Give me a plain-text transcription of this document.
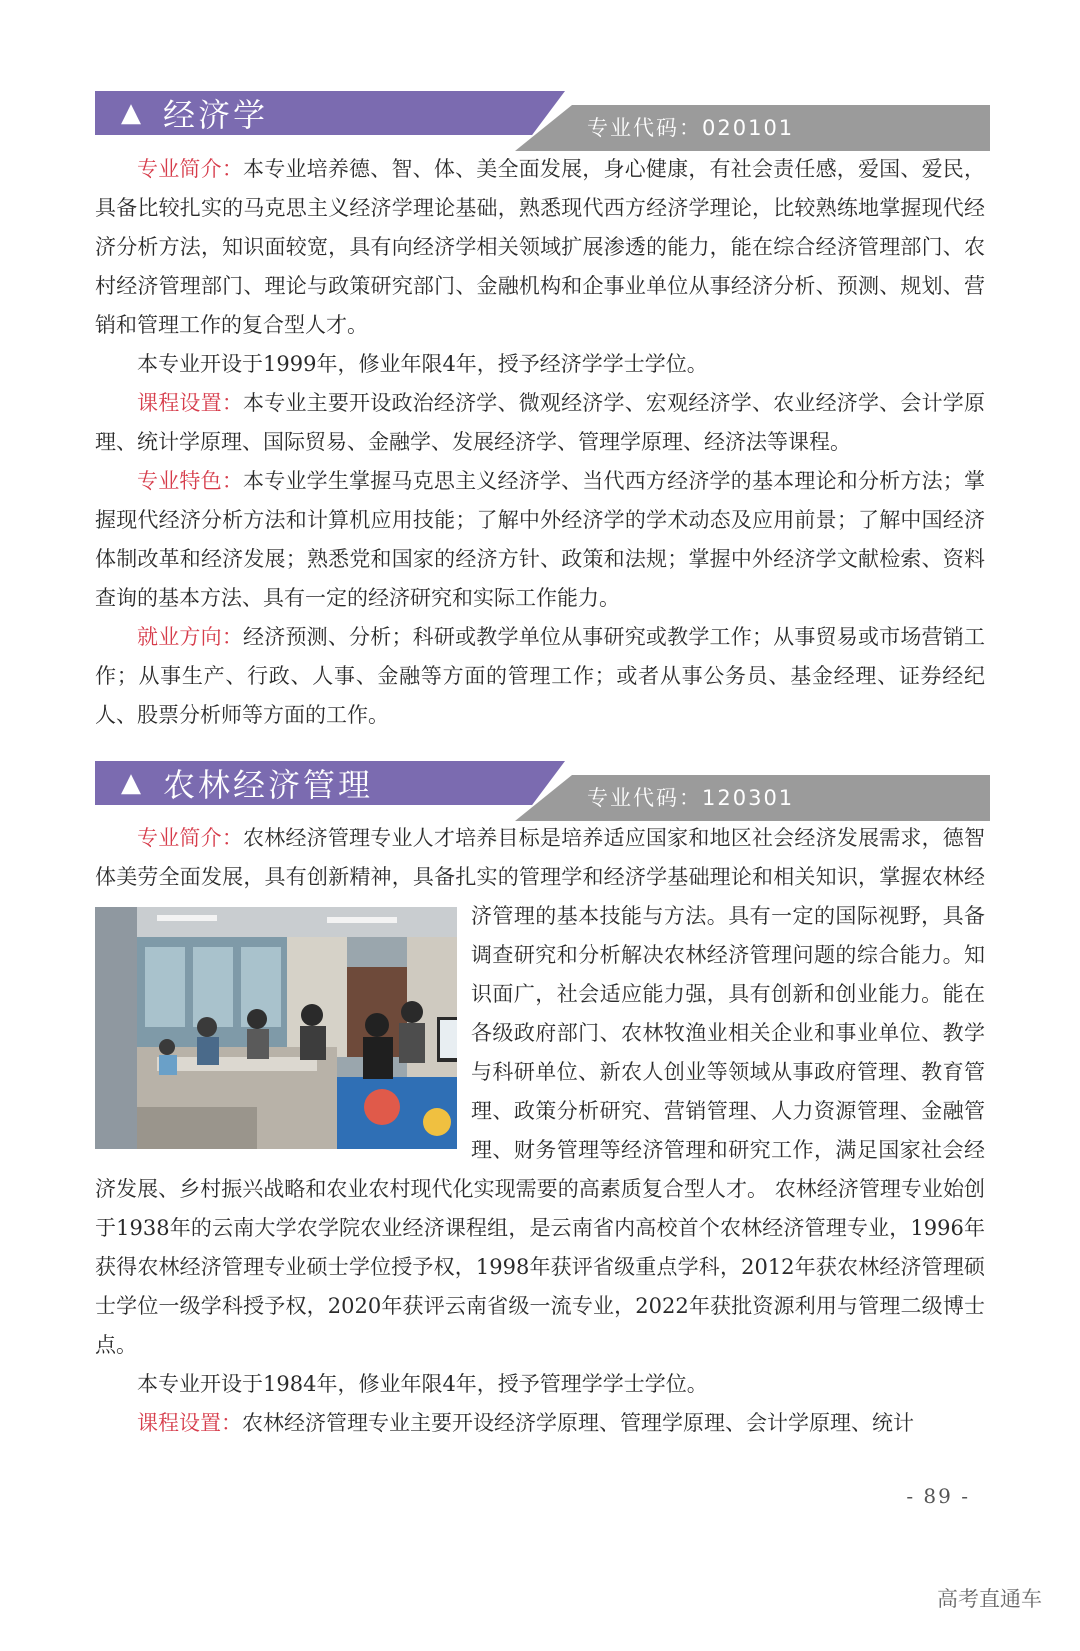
▲ 经济学	专业代码：020101

专业简介：本专业培养德、智、体、美全面发展，身心健康，有社会责任感，爱国、爱民，具备比较扎实的马克思主义经济学理论基础，熟悉现代西方经济学理论，比较熟练地掌握现代经济分析方法，知识面较宽，具有向经济学相关领域扩展渗透的能力，能在综合经济管理部门、农村经济管理部门、理论与政策研究部门、金融机构和企事业单位从事经济分析、预测、规划、营销和管理工作的复合型人才。

本专业开设于1999年，修业年限4年，授予经济学学士学位。

课程设置：本专业主要开设政治经济学、微观经济学、宏观经济学、农业经济学、会计学原理、统计学原理、国际贸易、金融学、发展经济学、管理学原理、经济法等课程。

专业特色：本专业学生掌握马克思主义经济学、当代西方经济学的基本理论和分析方法；掌握现代经济分析方法和计算机应用技能；了解中外经济学的学术动态及应用前景；了解中国经济体制改革和经济发展；熟悉党和国家的经济方针、政策和法规；掌握中外经济学文献检索、资料查询的基本方法、具有一定的经济研究和实际工作能力。

就业方向：经济预测、分析；科研或教学单位从事研究或教学工作；从事贸易或市场营销工作；从事生产、行政、人事、金融等方面的管理工作；或者从事公务员、基金经理、证券经纪人、股票分析师等方面的工作。

▲ 农林经济管理	专业代码：120301

专业简介：农林经济管理专业人才培养目标是培养适应国家和地区社会经济发展需求，德智体美劳全面发展，具有创新精神，具备扎实的管理学和经济学基础理论和相关知
识，掌握农林经济管理的基本技能与方法。具有一定的国际视野，具备调查研究和分析解决农林经济管理问题的综合能力。知识面广，社会适应能力强，具有创新和创业能力。能在各级政府部门、农林牧渔业相关企业和事业单位、教学与科研单位、新农人创业等领域从事政府管理、教育管理、政策分析研究、营销管理、人力资源管理、金融管理、财务管理等经济管理和研究工作，满足国家社会经济发展、乡村振兴战略和农业农村现代化实现需要的高素质复合型人才。 农林经济管理专业始创于1938年的云南大学农学院农业经济课程组，是云南省内高校首个农林经济管理专业，1996年获得农林经济管理专业硕士学位授予权，1998年获评省级重点学科，2012年获农林经济管理硕士学位一级学科授予权，2020年获评云南省级一流专业，2022年获批资源利用与管理二级博士点。

本专业开设于1984年，修业年限4年，授予管理学学士学位。

课程设置：农林经济管理专业主要开设经济学原理、管理学原理、会计学原理、统计

- 89 -
高考直通车
